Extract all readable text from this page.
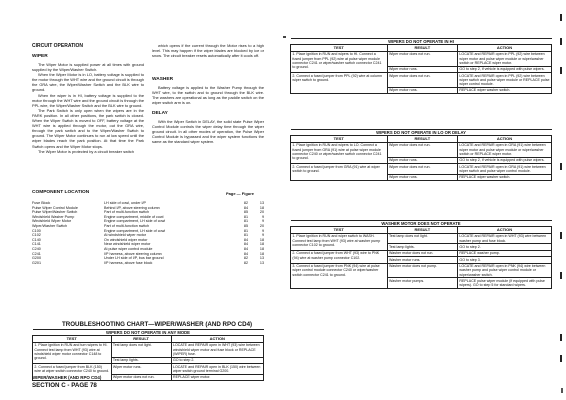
CIRCUIT OPERATION
WIPER

The Wiper Motor is supplied power at all times with ground supplied by the Wiper/Washer Switch.

When the Wiper Motor is in LO, battery voltage is supplied to the motor through the WHT wire and the ground circuit is through the GRA wire, the Wiper/Washer Switch and the BLK wire to ground.

When the wiper is in HI, battery voltage is supplied to the motor through the WHT wire and the ground circuit is through the PPL wire, the Wiper/Washer Switch and the BLK wire to ground.

The Park Switch is only open when the wipers are in the PARK position. In all other positions, the park switch is closed. When the Wiper Switch is moved to OFF, battery voltage at the WHT wire is applied through the motor, out the GRA wire, through the park switch and to the Wiper/Washer Switch to ground. The Wiper Motor continues to run at low speed until the wiper blades reach the park position. At that time the Park Switch opens and the Wiper Motor stops.

The Wiper Motor is protected by a circuit breaker switch

which opens if the current through the Motor rises to a high level. This may happen if the wiper blades are blocked by ice or snow. The circuit breaker resets automatically after it cools off.
WASHER
Battery voltage is applied to the Washer Pump through the WHT wire, to the switch and to ground through the BLK wire. The washers are operational as long as the paddle switch on the wiper switch arm is on.
DELAY
With the Wiper Switch in DELAY, the solid state Pulse Wiper Control Module controls the wiper delay time through the wiper ground circuit. In all other modes of operation, the Pulse Wiper Control Module is bypassed and the wiper system functions the same as the standard wiper system.
COMPONENT LOCATION	Page — Figure
Fuse Block	LH side of cowl, under I/P	82	13
Pulse Wiper Control Module	Behind I/P, above steering column	84	18
Pulse Wiper/Washer Switch	Part of multi-function switch	85	20
Windshield Washer Pump	Engine compartment, middle of cowl	81	9
Windshield Wiper Motor	Engine compartment, LH side of cowl	81	9
Wiper/Washer Switch	Part of multi-function switch	85	20
C100	Engine compartment, LH side of cowl	81	9
C102	At windshield wiper motor	81	9
C140	On windshield wiper motor	84	18
C141	Near windshield wiper motor	84	18
C240	At pulse wiper control module	84	18
C241	I/P harness, above steering column	84	18
G200	Under LH side of I/P, bus bar ground	82	13
G201	I/P harness, above fuse block	82	13
TROUBLESHOOTING CHART—WIPER/WASHER (AND RPO CD4)
WIPERS DO NOT OPERATE IN ANY MODE		
TEST	RESULT	ACTION
1. Place ignition in RUN and turn wipers to HI. Connect test lamp from WHT (93) wire at windshield wiper motor connector C148 to ground.	Test lamp does not light.	LOCATE and REPAIR open in WHT (93) wire between windshield wiper motor and fuse block or REPLACE (WIPER) fuse.
	Test lamp lights.	GO to step 2.
2. Connect a fused jumper from BLK (150) wire at wiper switch connector C240 to ground.	Wiper motor runs.	LOCATE and REPAIR open in BLK (150) wire between wiper switch ground terminal G200.
	Wiper motor does not run.	REPLACE wiper motor.
WIPERS DO NOT OPERATE IN HI		
TEST	RESULT	ACTION
1. Place ignition in RUN and wipers to HI. Connect a fused jumper from PPL (92) wire at pulse wiper module connector C241 or wiper/washer switch connector C241 to ground.	Wiper motor does not run.	LOCATE and REPAIR open in PPL (92) wire between wiper motor and pulse wiper module or wiper/washer switch or REPLACE wiper motor.
	Wiper motor runs.	GO to step 2, if vehicle is equipped with pulse wipers.
2. Connect a fused jumper from PPL (92) wire at column wiper switch to ground.	Wiper motor does not run.	LOCATE and REPAIR open in PPL (92) wire between wiper switch and pulse wiper module or REPLACE pulse wiper control module.
	Wiper motor runs.	REPLACE wiper washer switch.
WIPERS DO NOT OPERATE IN LO OR DELAY		
TEST	RESULT	ACTION
1. Place ignition in RUN and wipers to LO. Connect a fused jumper from GRA (91) wire at pulse wiper module connector C240 or wiper/washer switch connector C241 to ground.	Wiper motor does not run.	LOCATE and REPAIR open in GRA (91) wire between wiper motor and pulse wiper module or wiper/washer switch or REPLACE wiper motor.
	Wiper motor runs.	GO to step 2, if vehicle is equipped with pulse wipers.
2. Connect a fused jumper from GRA (91) wire at wiper switch to ground.	Wiper motor does not run.	LOCATE and REPAIR open in GRA (91) wire between wiper switch and pulse wiper control module.
	Wiper motor runs.	REPLACE wiper washer switch.
WASHER MOTOR DOES NOT OPERATE		
TEST	RESULT	ACTION
1. Place ignition in RUN and wiper switch to WASH. Connect test lamp from WHT (93) wire at washer pump connector C102 to ground.	Test lamp does not light.	LOCATE and REPAIR open in WHT (93) wire between washer pump and fuse block.
	Test lamp lights.	GO to step 2.
2. Connect a fused jumper from WHT (93) wire to PNK (94) wire at washer pump connector C102.	Washer motor does not run.	REPLACE washer pump.
	Washer motor runs.	GO to step 3.
3. Connect a fused jumper from PNK (94) wire at pulse wiper control module connector C240 or wiper/washer switch connector C241 to ground.	Washer motor does not pump.	LOCATE and REPAIR open in PNK (94) wire between washer pump and pulse wiper control module or wiper/washer switch.
	Washer motor pumps.	REPLACE pulse wiper module (if equipped with pulse wipers). GO to step 5 for standard wipers.
WIPER/WASHER (AND RPO CD4)
SECTION C - PAGE 78
